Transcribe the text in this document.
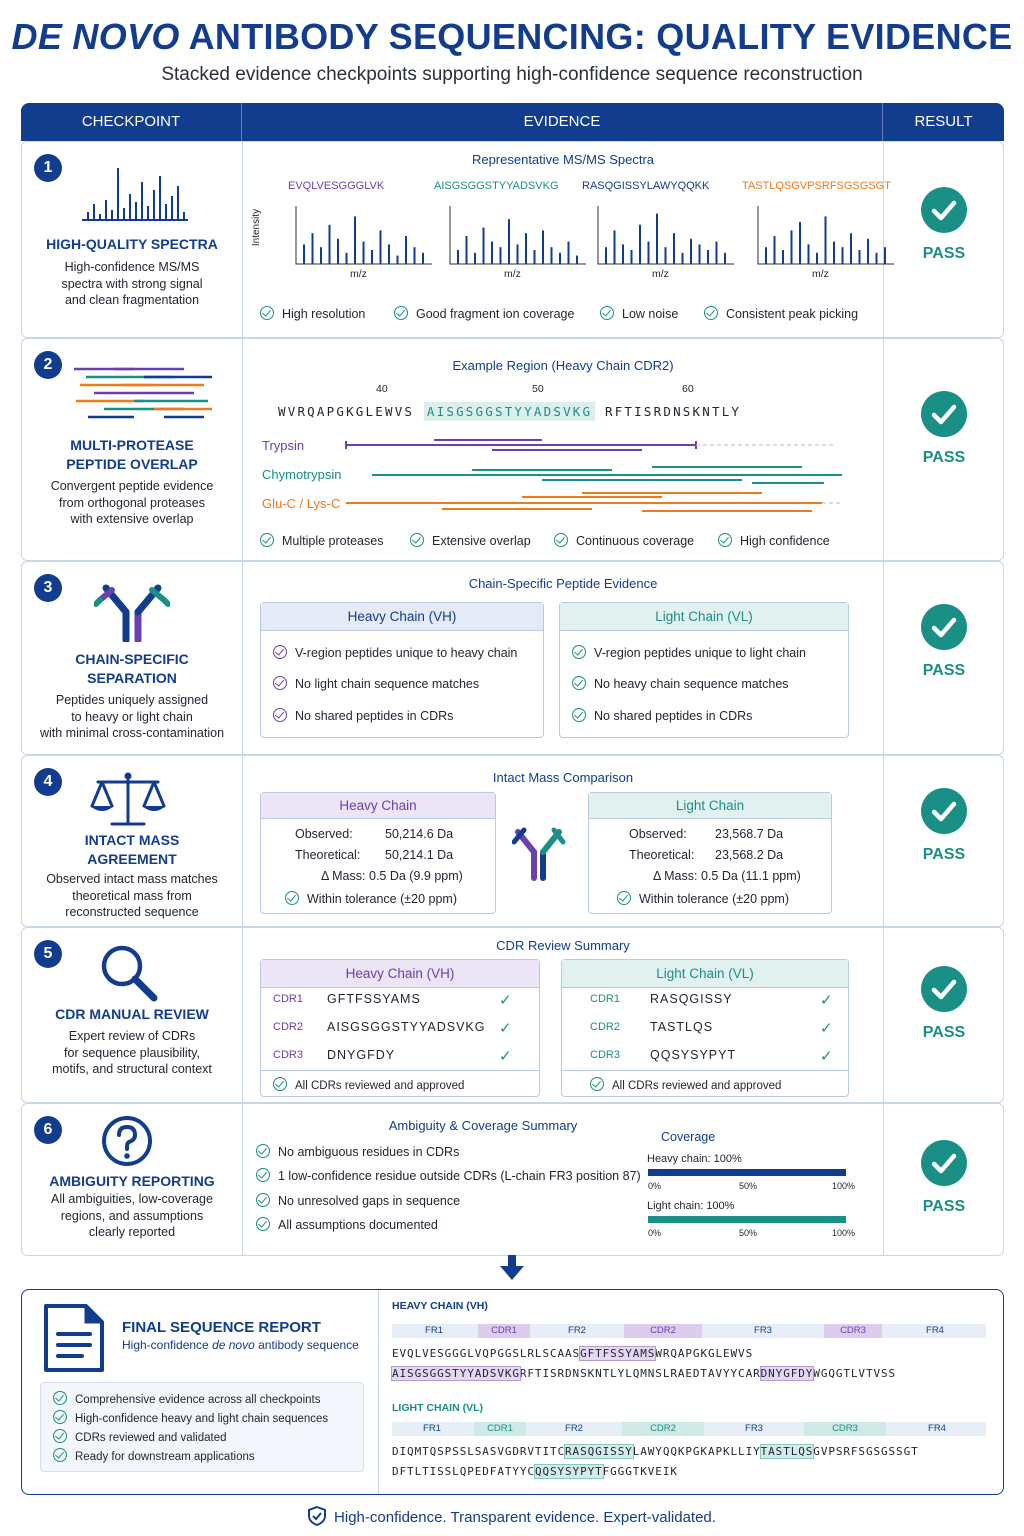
DE NOVO ANTIBODY SEQUENCING: QUALITY EVIDENCE
Stacked evidence checkpoints supporting high-confidence sequence reconstruction
CHECKPOINT	EVIDENCE	RESULT
1
HIGH-QUALITY SPECTRA
High-confidence MS/MS
spectra with strong signal
and clean fragmentation
Representative MS/MS Spectra
EVQLVESGGGLVK
m/z
AISGSGGSTYYADSVKG
m/z
RASQGISSYLAWYQQKK
m/z
TASTLQSGVPSRFSGSGSGT
m/z
Intensity
High resolution	Good fragment ion coverage	Low noise	Consistent peak picking
PASS
2
MULTI-PROTEASE
PEPTIDE OVERLAP
Convergent peptide evidence
from orthogonal proteases
with extensive overlap
Example Region (Heavy Chain CDR2)
40	50	60
WVRQAPGKGLEWVS AISGSGGSTYYADSVKG RFTISRDNSKNTLY
Trypsin
Chymotrypsin
Glu-C / Lys-C
Multiple proteases	Extensive overlap	Continuous coverage	High confidence
PASS
3
CHAIN-SPECIFIC
SEPARATION
Peptides uniquely assigned
to heavy or light chain
with minimal cross-contamination
Chain-Specific Peptide Evidence
Heavy Chain (VH)
V-region peptides unique to heavy chain
No light chain sequence matches
No shared peptides in CDRs
Light Chain (VL)
V-region peptides unique to light chain
No heavy chain sequence matches
No shared peptides in CDRs
PASS
4
INTACT MASS
AGREEMENT
Observed intact mass matches
theoretical mass from
reconstructed sequence
Intact Mass Comparison
Heavy Chain
Observed:	50,214.6 Da
Theoretical: 50,214.1 Da
Δ Mass: 0.5 Da (9.9 ppm)
Within tolerance (±20 ppm)
Light Chain
Observed: 23,568.7 Da
Theoretical: 23,568.2 Da
Δ Mass: 0.5 Da (11.1 ppm)
Within tolerance (±20 ppm)
PASS
5
CDR MANUAL REVIEW
Expert review of CDRs
for sequence plausibility,
motifs, and structural context
CDR Review Summary
Heavy Chain (VH)
CDR1 GFTFSSYAMS	✓
CDR2 AISGSGGSTYYADSVKG ✓
CDR3 DNYGFDY	✓
All CDRs reviewed and approved
Light Chain (VL)
CDR1 RASQGISSY	✓
CDR2 TASTLQS	✓
CDR3 QQSYSYPYT	✓
All CDRs reviewed and approved
PASS
6
AMBIGUITY REPORTING
All ambiguities, low-coverage
regions, and assumptions
clearly reported
Ambiguity & Coverage Summary
No ambiguous residues in CDRs
1 low-confidence residue outside CDRs (L-chain FR3 position 87)
No unresolved gaps in sequence
All assumptions documented
Coverage
Heavy chain: 100%
0%	50%	100%
Light chain: 100%
0%	50%	100%
PASS
FINAL SEQUENCE REPORT
High-confidence de novo antibody sequence
Comprehensive evidence across all checkpoints
High-confidence heavy and light chain sequences
CDRs reviewed and validated
Ready for downstream applications
HEAVY CHAIN (VH)
FR1	CDR1	FR2	CDR2	FR3	CDR3	FR4
EVQLVESGGGLVQPGGSLRLSCAASGFTFSSYAMSWRQAPGKGLEWVS
AISGSGGSTYYADSVKGRFTISRDNSKNTLYLQMNSLRAEDTAVYYCARDNYGFDYWGQGTLVTVSS
LIGHT CHAIN (VL)
FR1	CDR1	FR2	CDR2	FR3	CDR3	FR4
DIQMTQSPSSLSASVGDRVTITCRASQGISSYLAWYQQKPGKAPKLLIYTASTLQSGVPSRFSGSGSSGT
DFTLTISSLQPEDFATYYCQQSYSYPYTFGGGTKVEIK
High-confidence. Transparent evidence. Expert-validated.
